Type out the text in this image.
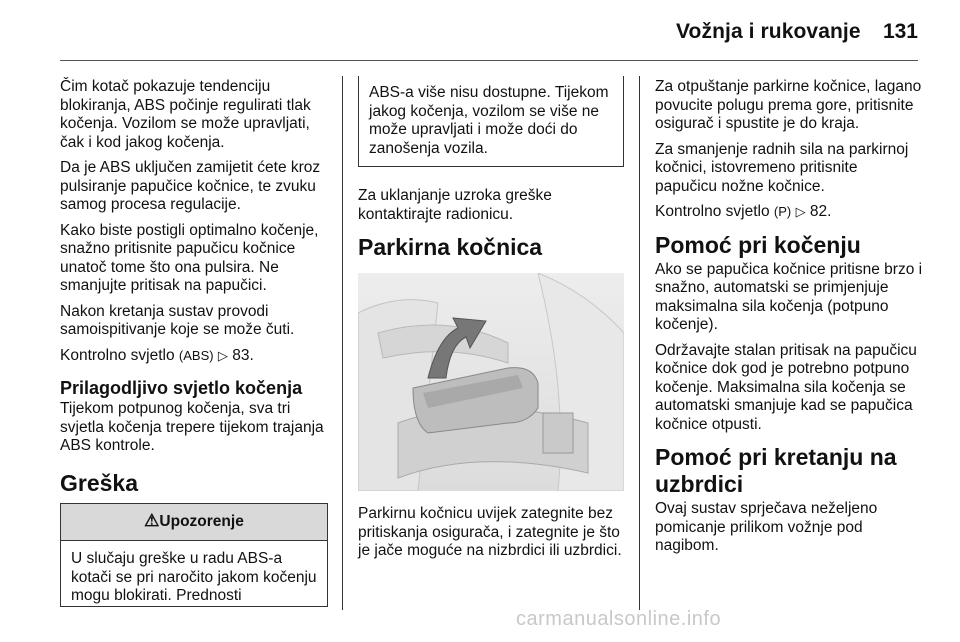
Vožnja i rukovanje 131

Čim kotač pokazuje tendenciju blokiranja, ABS počinje regulirati tlak kočenja. Vozilom se može upravljati, čak i kod jakog kočenja.

Da je ABS uključen zamijetit ćete kroz pulsiranje papučice kočnice, te zvuku samog procesa regulacije.

Kako biste postigli optimalno kočenje, snažno pritisnite papučicu kočnice unatoč tome što ona pulsira. Ne smanjujte pritisak na papučici.

Nakon kretanja sustav provodi samoispitivanje koje se može čuti.

Kontrolno svjetlo (ABS) ▷ 83.

Prilagodljivo svjetlo kočenja

Tijekom potpunog kočenja, sva tri svjetla kočenja trepere tijekom trajanja ABS kontrole.

Greška
⚠Upozorenje
U slučaju greške u radu ABS-a kotači se pri naročito jakom kočenju mogu blokirati. Prednosti
ABS-a više nisu dostupne. Tijekom jakog kočenja, vozilom se više ne može upravljati i može doći do zanošenja vozila.

Za uklanjanje uzroka greške kontaktirajte radionicu.

Parkirna kočnica

Parkirnu kočnicu uvijek zategnite bez pritiskanja osigurača, i zategnite je što je jače moguće na nizbrdici ili uzbrdici.

Za otpuštanje parkirne kočnice, lagano povucite polugu prema gore, pritisnite osigurač i spustite je do kraja.

Za smanjenje radnih sila na parkirnoj kočnici, istovremeno pritisnite papučicu nožne kočnice.

Kontrolno svjetlo (P) ▷ 82.

Pomoć pri kočenju

Ako se papučica kočnice pritisne brzo i snažno, automatski se primjenjuje maksimalna sila kočenja (potpuno kočenje).

Održavajte stalan pritisak na papučicu kočnice dok god je potrebno potpuno kočenje. Maksimalna sila kočenja se automatski smanjuje kad se papučica kočnice otpusti.

Pomoć pri kretanju na uzbrdici

Ovaj sustav sprječava neželjeno pomicanje prilikom vožnje pod nagibom.

carmanualsonline.info
